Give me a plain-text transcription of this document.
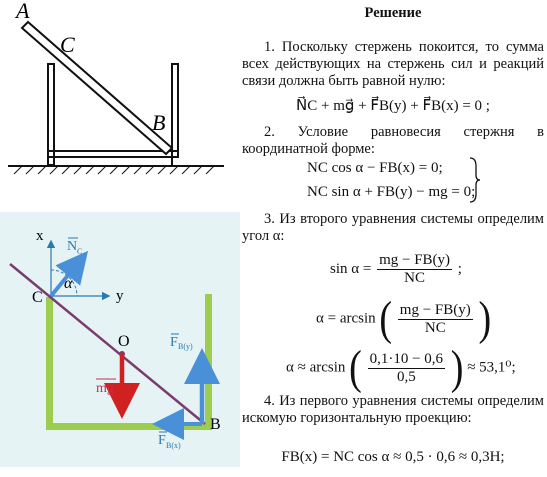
A
C
B
x
y
α
C
O
B
N C
mg
F B(y)
F B(x)
Решение
1. Поскольку стержень покоится, то сумма всех действующих на стержень сил и реакций связи должна быть равной нулю:
N⃗C + mg⃗ + F⃗B(y) + F⃗B(x) = 0 ;
2. Условие равновесия стержня в координатной форме:
NC cos α − FB(x) = 0;
NC sin α + FB(y) − mg = 0;
3. Из второго уравнения системы определим угол α:
$\sin \alpha = \frac{mg - FB(y)}{NC}$ ;
α = arcsin ( $\frac{mg - FB(y)}{NC}$ )
α ≈ arcsin ( $\frac{0,1\cdot 10 - 0,6}{0,5}$ ) ≈ 53,1⁰;
4. Из первого уравнения системы определим искомую горизонтальную проекцию:
FB(x) = NC cos α ≈ 0,5 · 0,6 ≈ 0,3H;
